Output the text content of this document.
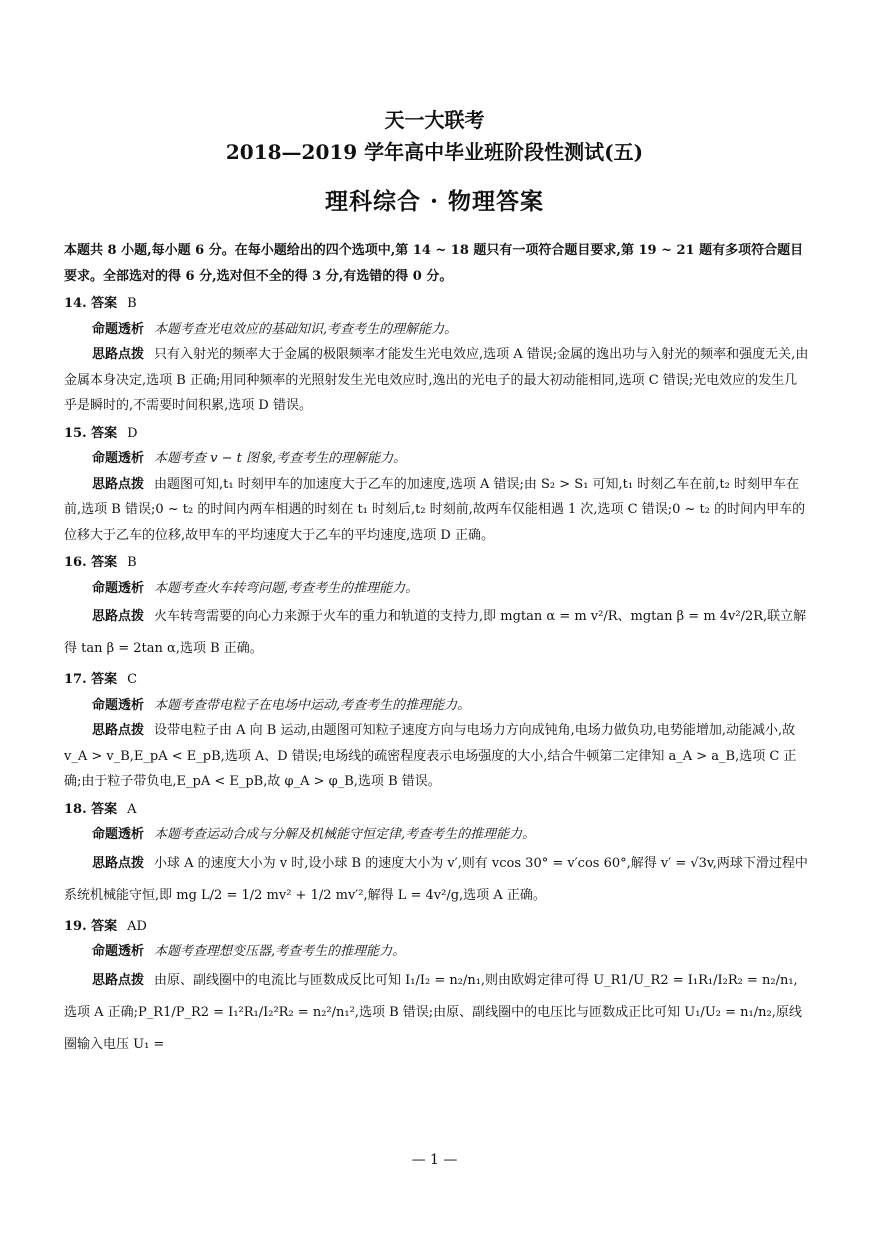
天一大联考
2018—2019 学年高中毕业班阶段性测试(五)
理科综合 · 物理答案
本题共 8 小题,每小题 6 分。在每小题给出的四个选项中,第 14 ~ 18 题只有一项符合题目要求,第 19 ~ 21 题有多项符合题目要求。全部选对的得 6 分,选对但不全的得 3 分,有选错的得 0 分。
14. 答案 B
命题透析 本题考查光电效应的基础知识,考查考生的理解能力。
思路点拨 只有入射光的频率大于金属的极限频率才能发生光电效应,选项 A 错误;金属的逸出功与入射光的频率和强度无关,由金属本身决定,选项 B 正确;用同种频率的光照射发生光电效应时,逸出的光电子的最大初动能相同,选项 C 错误;光电效应的发生几乎是瞬时的,不需要时间积累,选项 D 错误。
15. 答案 D
命题透析 本题考查 v − t 图象,考查考生的理解能力。
思路点拨 由题图可知,t₁ 时刻甲车的加速度大于乙车的加速度,选项 A 错误;由 S₂ > S₁ 可知,t₁ 时刻乙车在前,t₂ 时刻甲车在前,选项 B 错误;0 ~ t₂ 的时间内两车相遇的时刻在 t₁ 时刻后,t₂ 时刻前,故两车仅能相遇 1 次,选项 C 错误;0 ~ t₂ 的时间内甲车的位移大于乙车的位移,故甲车的平均速度大于乙车的平均速度,选项 D 正确。
16. 答案 B
命题透析 本题考查火车转弯问题,考查考生的推理能力。
思路点拨 火车转弯需要的向心力来源于火车的重力和轨道的支持力,即 mgtan α = m v²/R、mgtan β = m 4v²/2R,联立解得 tan β = 2tan α,选项 B 正确。
17. 答案 C
命题透析 本题考查带电粒子在电场中运动,考查考生的推理能力。
思路点拨 设带电粒子由 A 向 B 运动,由题图可知粒子速度方向与电场力方向成钝角,电场力做负功,电势能增加,动能减小,故 v_A > v_B,E_pA < E_pB,选项 A、D 错误;电场线的疏密程度表示电场强度的大小,结合牛顿第二定律知 a_A > a_B,选项 C 正确;由于粒子带负电,E_pA < E_pB,故 φ_A > φ_B,选项 B 错误。
18. 答案 A
命题透析 本题考查运动合成与分解及机械能守恒定律,考查考生的推理能力。
思路点拨 小球 A 的速度大小为 v 时,设小球 B 的速度大小为 v′,则有 vcos 30° = v′cos 60°,解得 v′ = √3v,两球下滑过程中系统机械能守恒,即 mg L/2 = 1/2 mv² + 1/2 mv′²,解得 L = 4v²/g,选项 A 正确。
19. 答案 AD
命题透析 本题考查理想变压器,考查考生的推理能力。
思路点拨 由原、副线圈中的电流比与匝数成反比可知 I₁/I₂ = n₂/n₁,则由欧姆定律可得 U_R1/U_R2 = I₁R₁/I₂R₂ = n₂/n₁,选项 A 正确;P_R1/P_R2 = I₁²R₁/I₂²R₂ = n₂²/n₁²,选项 B 错误;由原、副线圈中的电压比与匝数成正比可知 U₁/U₂ = n₁/n₂,原线圈输入电压 U₁ =
— 1 —
